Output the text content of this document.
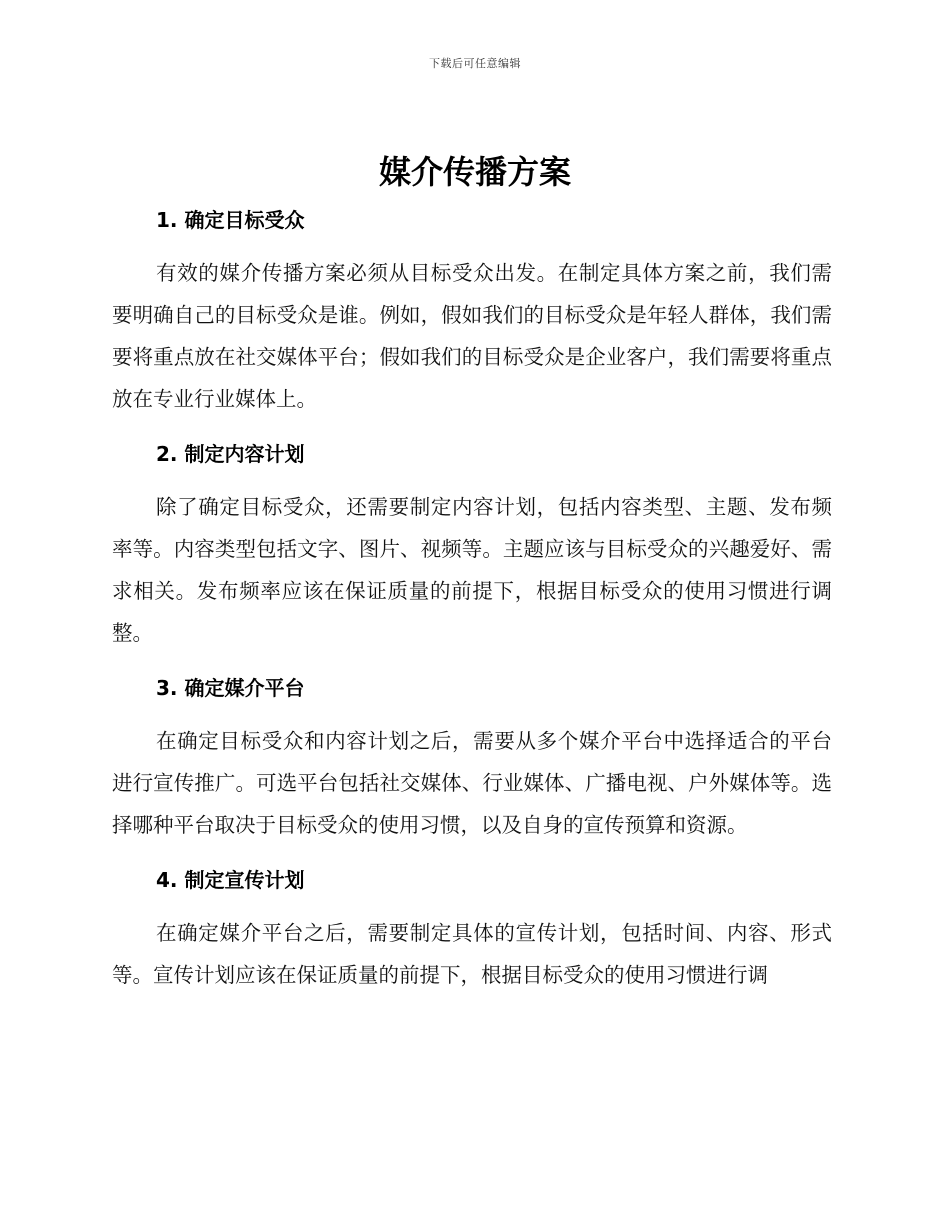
下载后可任意编辑
媒介传播方案
1. 确定目标受众

有效的媒介传播方案必须从目标受众出发。在制定具体方案之前，我们需要明确自己的目标受众是谁。例如，假如我们的目标受众是年轻人群体，我们需要将重点放在社交媒体平台；假如我们的目标受众是企业客户，我们需要将重点放在专业行业媒体上。

2. 制定内容计划

除了确定目标受众，还需要制定内容计划，包括内容类型、主题、发布频率等。内容类型包括文字、图片、视频等。主题应该与目标受众的兴趣爱好、需求相关。发布频率应该在保证质量的前提下，根据目标受众的使用习惯进行调整。

3. 确定媒介平台

在确定目标受众和内容计划之后，需要从多个媒介平台中选择适合的平台进行宣传推广。可选平台包括社交媒体、行业媒体、广播电视、户外媒体等。选择哪种平台取决于目标受众的使用习惯，以及自身的宣传预算和资源。

4. 制定宣传计划

在确定媒介平台之后，需要制定具体的宣传计划，包括时间、内容、形式等。宣传计划应该在保证质量的前提下，根据目标受众的使用习惯进行调
